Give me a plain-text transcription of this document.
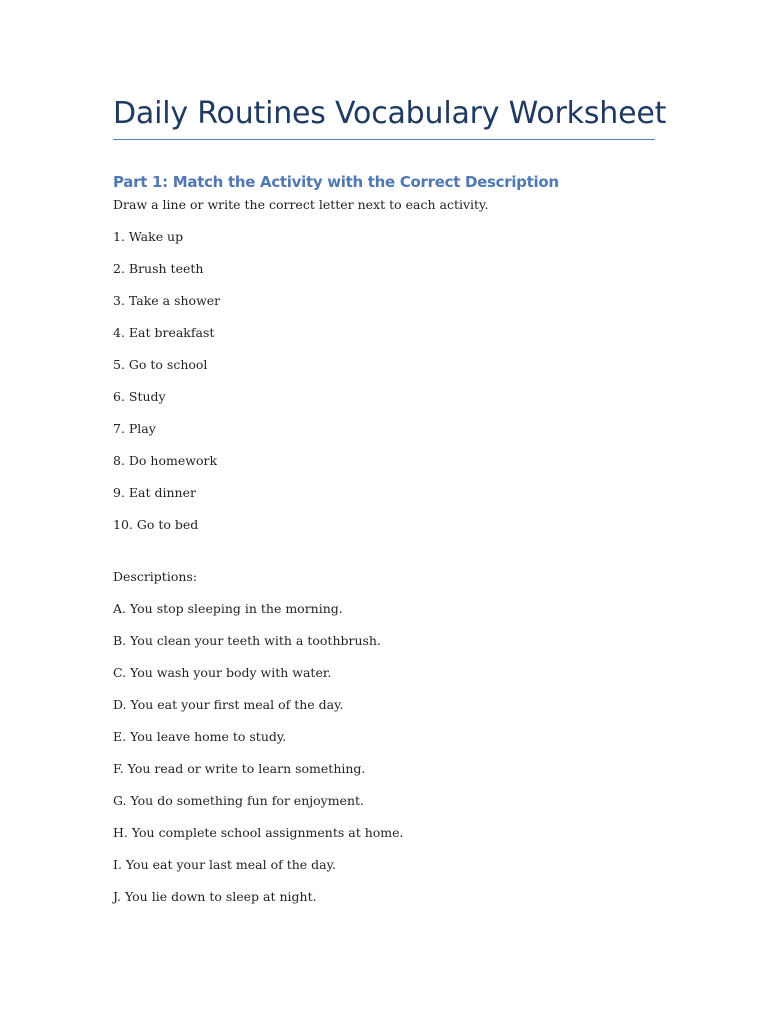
Daily Routines Vocabulary Worksheet
Part 1: Match the Activity with the Correct Description

Draw a line or write the correct letter next to each activity.

1. Wake up

2. Brush teeth

3. Take a shower

4. Eat breakfast

5. Go to school

6. Study

7. Play

8. Do homework

9. Eat dinner

10. Go to bed

Descriptions:

A. You stop sleeping in the morning.

B. You clean your teeth with a toothbrush.

C. You wash your body with water.

D. You eat your first meal of the day.

E. You leave home to study.

F. You read or write to learn something.

G. You do something fun for enjoyment.

H. You complete school assignments at home.

I. You eat your last meal of the day.

J. You lie down to sleep at night.
